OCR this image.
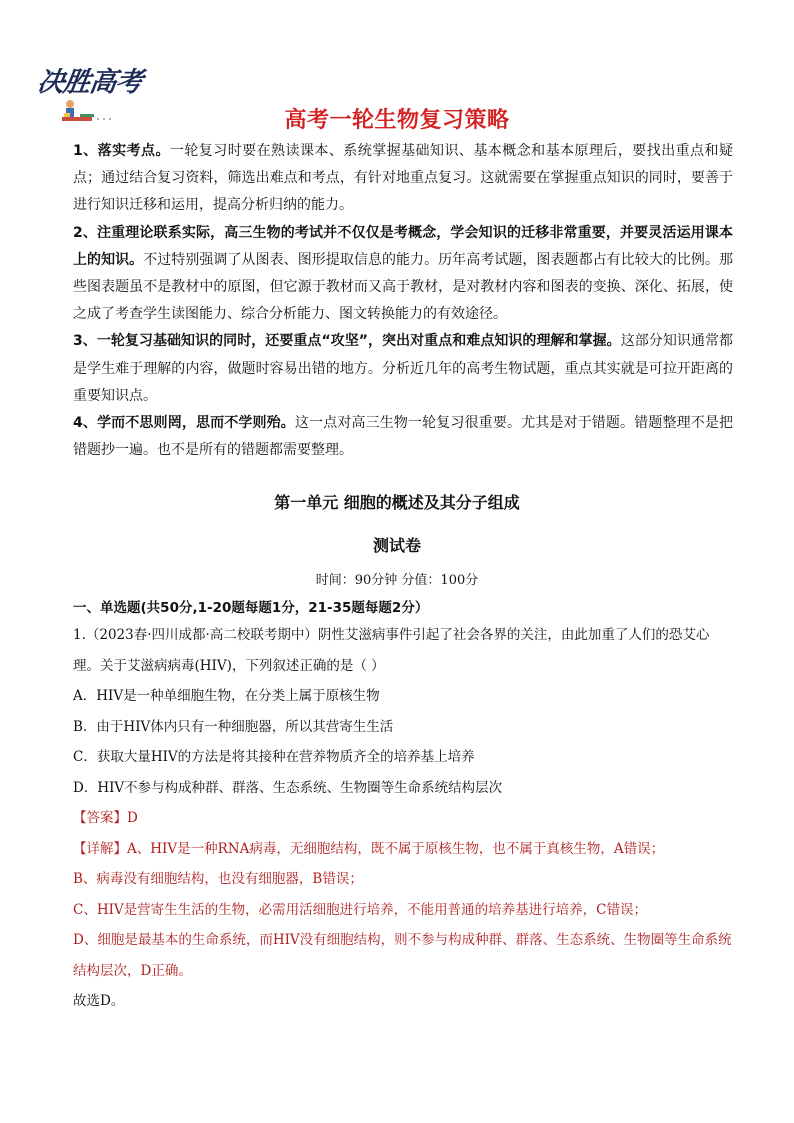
决胜高考
高考一轮生物复习策略

1、落实考点。一轮复习时要在熟读课本、系统掌握基础知识、基本概念和基本原理后，要找出重点和疑点；通过结合复习资料，筛选出难点和考点，有针对地重点复习。这就需要在掌握重点知识的同时，要善于进行知识迁移和运用，提高分析归纳的能力。

2、注重理论联系实际，高三生物的考试并不仅仅是考概念，学会知识的迁移非常重要，并要灵活运用课本上的知识。不过特别强调了从图表、图形提取信息的能力。历年高考试题，图表题都占有比较大的比例。那些图表题虽不是教材中的原图，但它源于教材而又高于教材，是对教材内容和图表的变换、深化、拓展，使之成了考查学生读图能力、综合分析能力、图文转换能力的有效途径。

3、一轮复习基础知识的同时，还要重点“攻坚”，突出对重点和难点知识的理解和掌握。这部分知识通常都是学生难于理解的内容，做题时容易出错的地方。分析近几年的高考生物试题，重点其实就是可拉开距离的重要知识点。

4、学而不思则罔，思而不学则殆。这一点对高三生物一轮复习很重要。尤其是对于错题。错题整理不是把错题抄一遍。也不是所有的错题都需要整理。

第一单元 细胞的概述及其分子组成
测试卷
时间：90分钟 分值：100分
一、单选题(共50分,1-20题每题1分，21-35题每题2分）

1.（2023春·四川成都·高二校联考期中）阴性艾滋病事件引起了社会各界的关注，由此加重了人们的恐艾心理。关于艾滋病病毒(HIV)，下列叙述正确的是（ ）

A．HIV是一种单细胞生物，在分类上属于原核生物

B．由于HIV体内只有一种细胞器，所以其营寄生生活

C．获取大量HIV的方法是将其接种在营养物质齐全的培养基上培养

D．HIV不参与构成种群、群落、生态系统、生物圈等生命系统结构层次

【答案】D

【详解】A、HIV是一种RNA病毒，无细胞结构，既不属于原核生物，也不属于真核生物，A错误；

B、病毒没有细胞结构，也没有细胞器，B错误；

C、HIV是营寄生生活的生物，必需用活细胞进行培养，不能用普通的培养基进行培养，C错误；

D、细胞是最基本的生命系统，而HIV没有细胞结构，则不参与构成种群、群落、生态系统、生物圈等生命系统结构层次，D正确。

故选D。
